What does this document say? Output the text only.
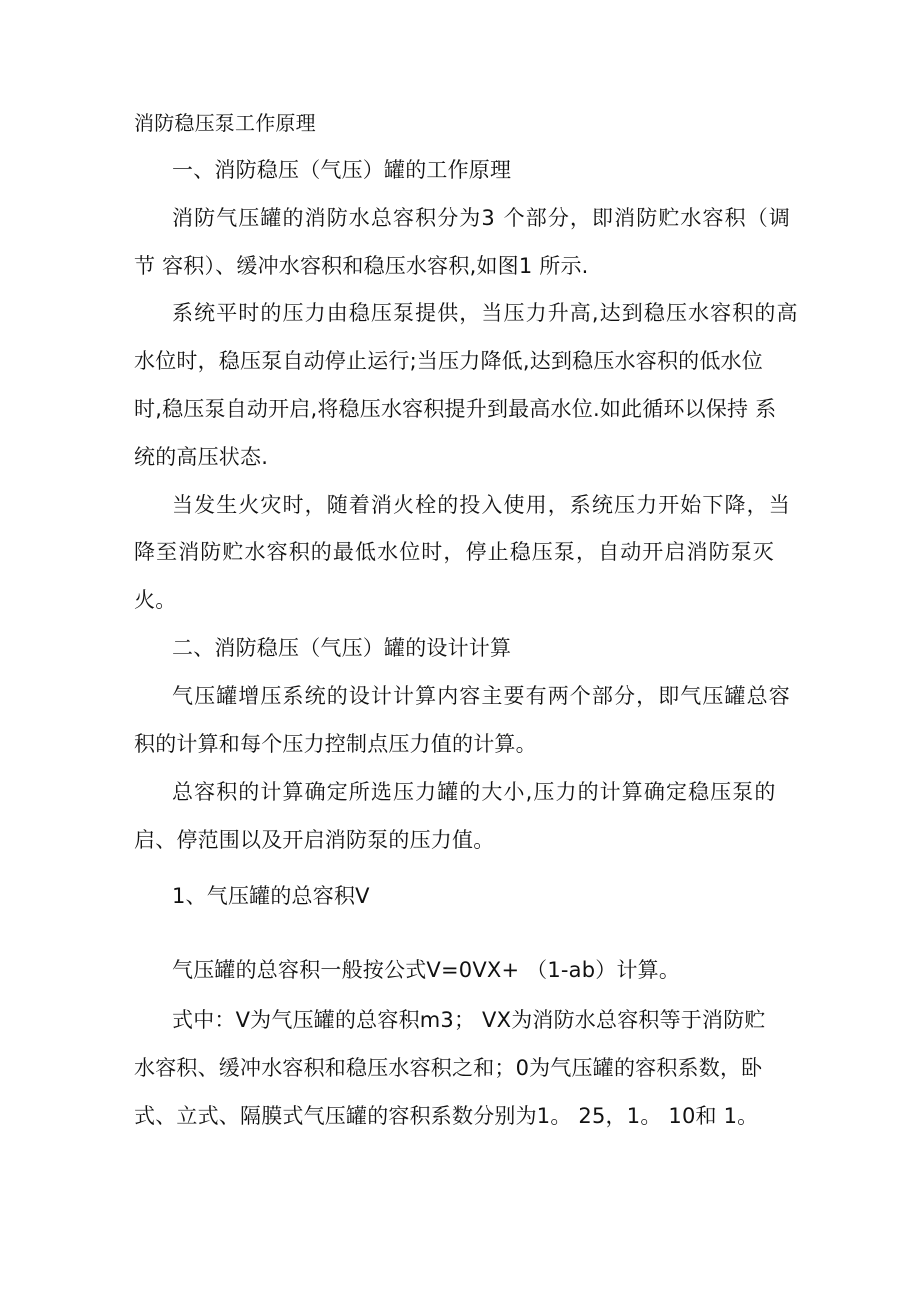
消防稳压泵工作原理
一、消防稳压（气压）罐的工作原理
消防气压罐的消防水总容积分为3 个部分，即消防贮水容积（调
节 容积）、缓冲水容积和稳压水容积,如图1 所示.
系统平时的压力由稳压泵提供，当压力升高,达到稳压水容积的高
水位时，稳压泵自动停止运行;当压力降低,达到稳压水容积的低水位
时,稳压泵自动开启,将稳压水容积提升到最高水位.如此循环以保持 系
统的高压状态.
当发生火灾时，随着消火栓的投入使用，系统压力开始下降，当
降至消防贮水容积的最低水位时，停止稳压泵，自动开启消防泵灭
火。
二、消防稳压（气压）罐的设计计算
气压罐增压系统的设计计算内容主要有两个部分，即气压罐总容
积的计算和每个压力控制点压力值的计算。
总容积的计算确定所选压力罐的大小,压力的计算确定稳压泵的
启、停范围以及开启消防泵的压力值。
1、气压罐的总容积V
气压罐的总容积一般按公式V=0VX+ （1-ab）计算。
式中：V为气压罐的总容积m3； VX为消防水总容积等于消防贮
水容积、缓冲水容积和稳压水容积之和；0为气压罐的容积系数，卧
式、立式、隔膜式气压罐的容积系数分别为1。 25，1。 10和 1。
